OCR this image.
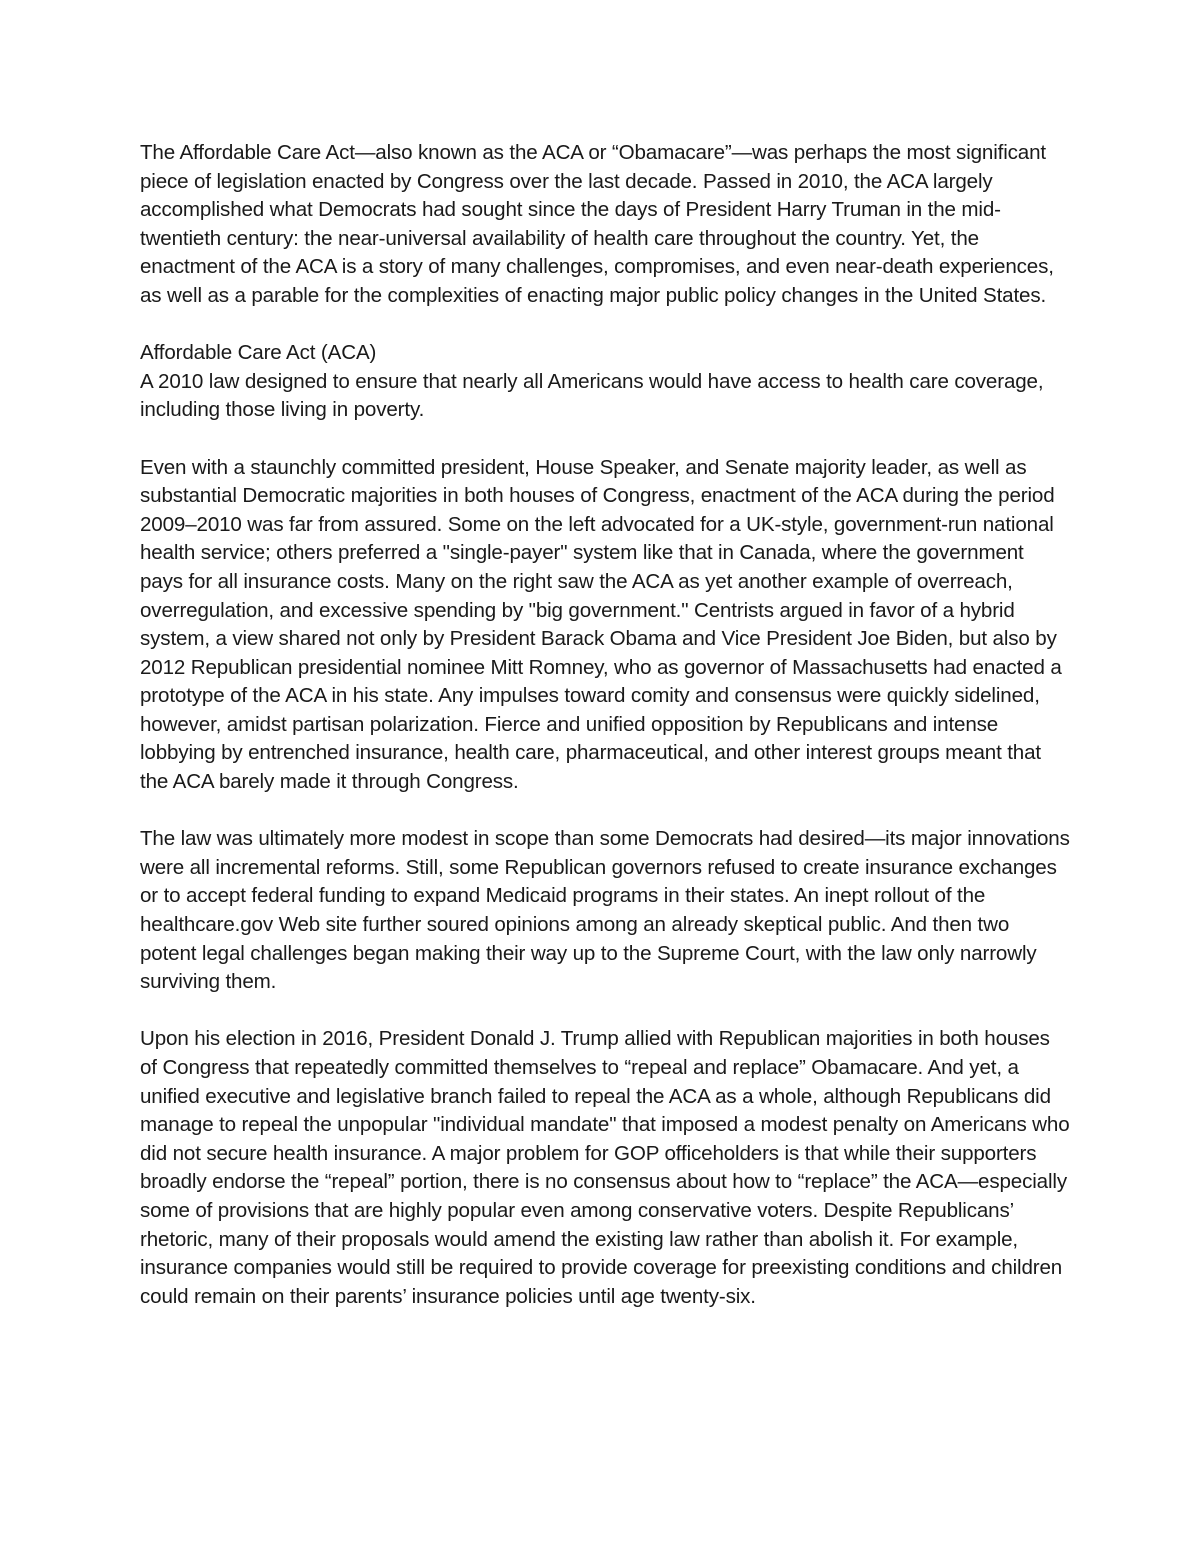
The Affordable Care Act—also known as the ACA or “Obamacare”—was perhaps the most significant piece of legislation enacted by Congress over the last decade. Passed in 2010, the ACA largely accomplished what Democrats had sought since the days of President Harry Truman in the mid-twentieth century: the near-universal availability of health care throughout the country. Yet, the enactment of the ACA is a story of many challenges, compromises, and even near-death experiences, as well as a parable for the complexities of enacting major public policy changes in the United States.

Affordable Care Act (ACA)

A 2010 law designed to ensure that nearly all Americans would have access to health care coverage, including those living in poverty.

Even with a staunchly committed president, House Speaker, and Senate majority leader, as well as substantial Democratic majorities in both houses of Congress, enactment of the ACA during the period 2009–2010 was far from assured. Some on the left advocated for a UK-style, government-run national health service; others preferred a "single-payer" system like that in Canada, where the government pays for all insurance costs. Many on the right saw the ACA as yet another example of overreach, overregulation, and excessive spending by "big government." Centrists argued in favor of a hybrid system, a view shared not only by President Barack Obama and Vice President Joe Biden, but also by 2012 Republican presidential nominee Mitt Romney, who as governor of Massachusetts had enacted a prototype of the ACA in his state. Any impulses toward comity and consensus were quickly sidelined, however, amidst partisan polarization. Fierce and unified opposition by Republicans and intense lobbying by entrenched insurance, health care, pharmaceutical, and other interest groups meant that the ACA barely made it through Congress.

The law was ultimately more modest in scope than some Democrats had desired—its major innovations were all incremental reforms. Still, some Republican governors refused to create insurance exchanges or to accept federal funding to expand Medicaid programs in their states. An inept rollout of the healthcare.gov Web site further soured opinions among an already skeptical public. And then two potent legal challenges began making their way up to the Supreme Court, with the law only narrowly surviving them.

Upon his election in 2016, President Donald J. Trump allied with Republican majorities in both houses of Congress that repeatedly committed themselves to “repeal and replace” Obamacare. And yet, a unified executive and legislative branch failed to repeal the ACA as a whole, although Republicans did manage to repeal the unpopular "individual mandate" that imposed a modest penalty on Americans who did not secure health insurance. A major problem for GOP officeholders is that while their supporters broadly endorse the “repeal” portion, there is no consensus about how to “replace” the ACA—especially some of provisions that are highly popular even among conservative voters. Despite Republicans’ rhetoric, many of their proposals would amend the existing law rather than abolish it. For example, insurance companies would still be required to provide coverage for preexisting conditions and children could remain on their parents’ insurance policies until age twenty-six.
